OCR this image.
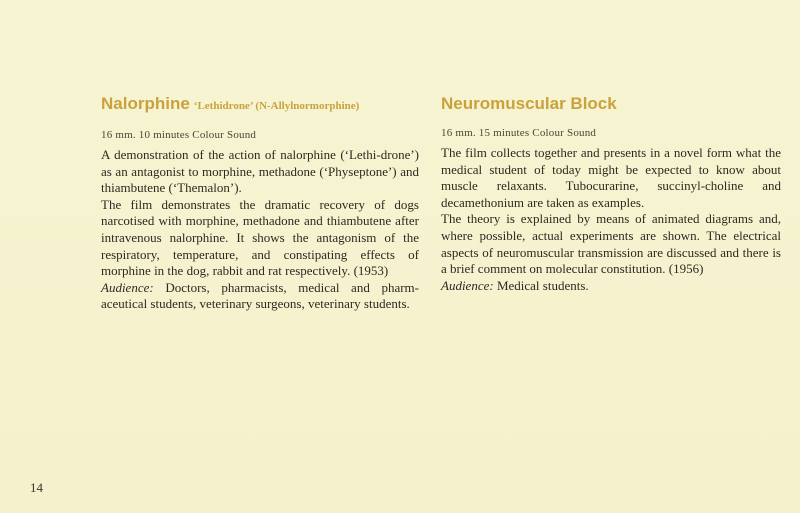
Nalorphine ‘Lethidrone’ (N-Allylnormorphine)

16 mm. 10 minutes Colour Sound

A demonstration of the action of nalorphine (‘Lethi-drone’) as an antagonist to morphine, methadone (‘Physeptone’) and thiambutene (‘Themalon’).

The film demonstrates the dramatic recovery of dogs narcotised with morphine, methadone and thiambutene after intravenous nalorphine. It shows the antagonism of the respiratory, temperature, and constipating effects of morphine in the dog, rabbit and rat respectively. (1953)

Audience: Doctors, pharmacists, medical and pharm-aceutical students, veterinary surgeons, veterinary students.

Neuromuscular Block

16 mm. 15 minutes Colour Sound

The film collects together and presents in a novel form what the medical student of today might be expected to know about muscle relaxants. Tubocurarine, succinyl-choline and decamethonium are taken as examples.

The theory is explained by means of animated diagrams and, where possible, actual experiments are shown. The electrical aspects of neuromuscular transmission are discussed and there is a brief comment on molecular constitution. (1956)

Audience: Medical students.

14
